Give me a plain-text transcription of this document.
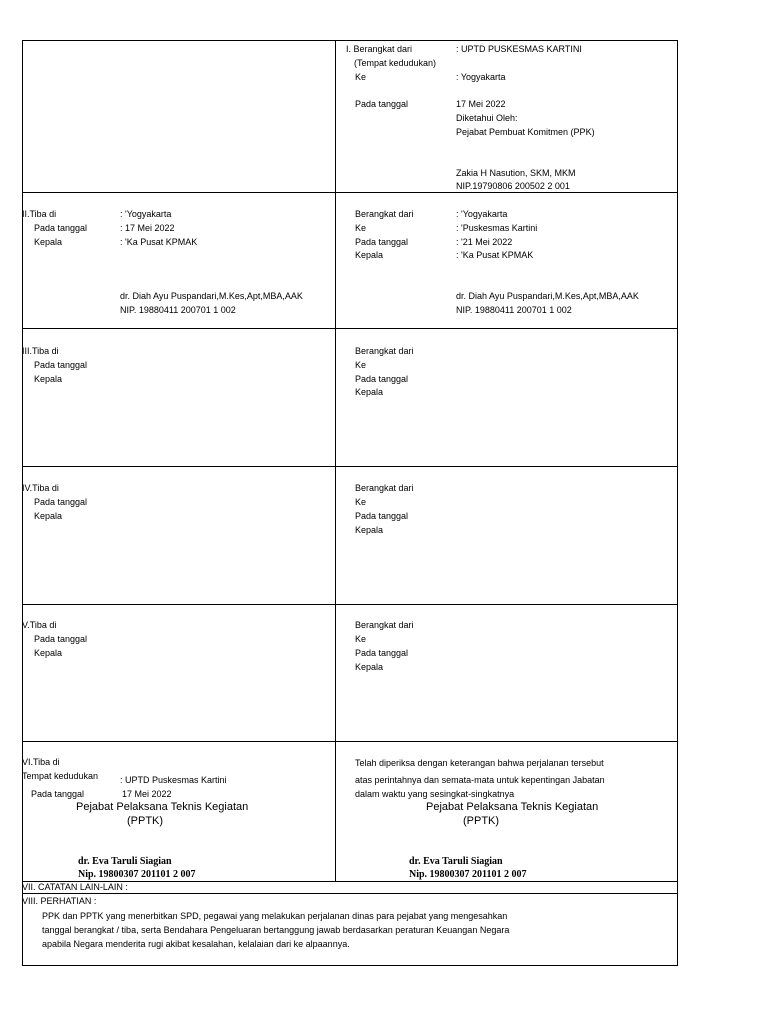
I. Berangkat dari	: UPTD PUSKESMAS KARTINI
(Tempat kedudukan)
Ke	: Yogyakarta
Pada tanggal	17 Mei 2022
Diketahui Oleh:
Pejabat Pembuat Komitmen (PPK)
Zakia H Nasution, SKM, MKM
NIP.19790806 200502 2 001
II.Tiba di	: 'Yogyakarta
Pada tanggal	: 17 Mei 2022
Kepala	: 'Ka Pusat KPMAK
dr. Diah Ayu Puspandari,M.Kes,Apt,MBA,AAK
NIP. 19880411 200701 1 002
Berangkat dari	: 'Yogyakarta
Ke	: 'Puskesmas Kartini
Pada tanggal	: '21 Mei 2022
Kepala	: 'Ka Pusat KPMAK
dr. Diah Ayu Puspandari,M.Kes,Apt,MBA,AAK
NIP. 19880411 200701 1 002
III.Tiba di
Pada tanggal
Kepala
Berangkat dari
Ke
Pada tanggal
Kepala
IV.Tiba di
Pada tanggal
Kepala
Berangkat dari
Ke
Pada tanggal
Kepala
V.Tiba di
Pada tanggal
Kepala
Berangkat dari
Ke
Pada tanggal
Kepala
VI.Tiba di
Tempat kedudukan : UPTD Puskesmas Kartini
Pada tanggal	17 Mei 2022
Pejabat Pelaksana Teknis Kegiatan
(PPTK)
dr. Eva Taruli Siagian
Nip. 19800307 201101 2 007
Telah diperiksa dengan keterangan bahwa perjalanan tersebut
atas perintahnya dan semata-mata untuk kepentingan Jabatan
dalam waktu yang sesingkat-singkatnya
Pejabat Pelaksana Teknis Kegiatan
(PPTK)
dr. Eva Taruli Siagian
Nip. 19800307 201101 2 007
VII. CATATAN LAIN-LAIN :
VIII. PERHATIAN :
PPK dan PPTK yang menerbitkan SPD, pegawai yang melakukan perjalanan dinas para pejabat yang mengesahkan
tanggal berangkat / tiba, serta Bendahara Pengeluaran bertanggung jawab berdasarkan peraturan Keuangan Negara
apabila Negara menderita rugi akibat kesalahan, kelalaian dari ke alpaannya.
